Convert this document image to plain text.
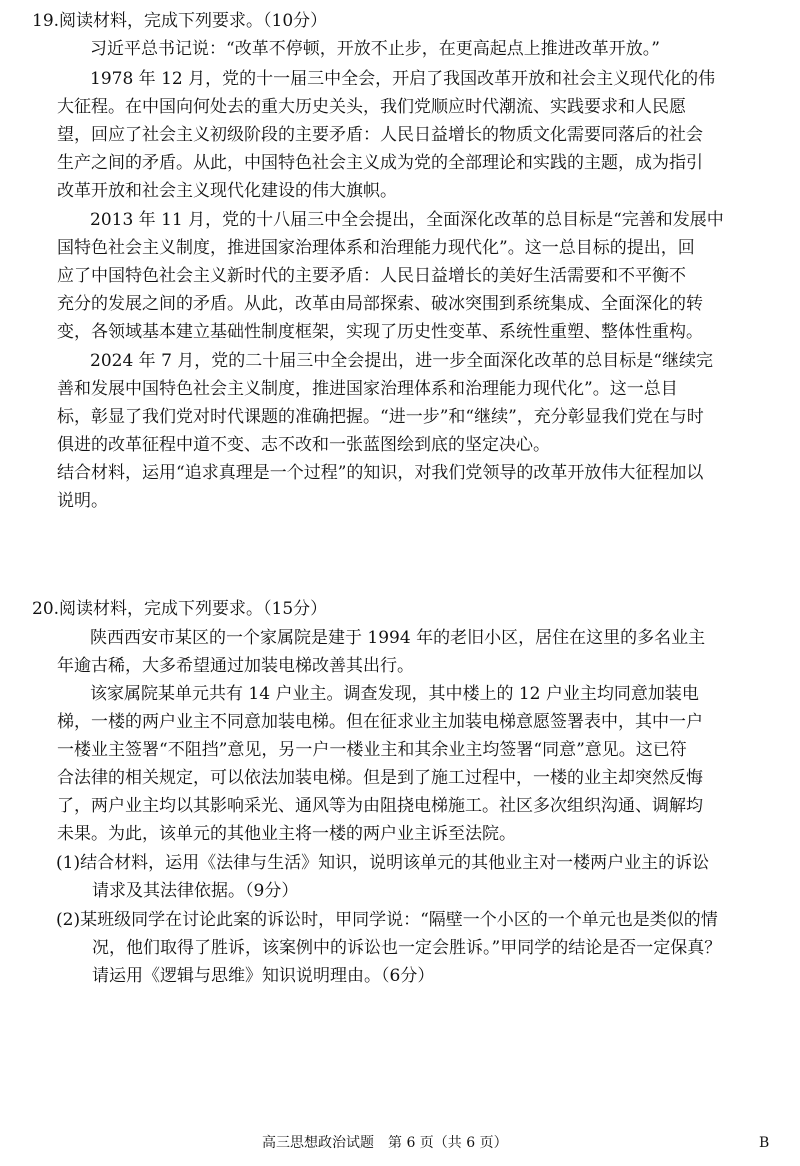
19.阅读材料，完成下列要求。（10分）
习近平总书记说：“改革不停顿，开放不止步，在更高起点上推进改革开放。”
1978 年 12 月，党的十一届三中全会，开启了我国改革开放和社会主义现代化的伟
大征程。在中国向何处去的重大历史关头，我们党顺应时代潮流、实践要求和人民愿
望，回应了社会主义初级阶段的主要矛盾：人民日益增长的物质文化需要同落后的社会
生产之间的矛盾。从此，中国特色社会主义成为党的全部理论和实践的主题，成为指引
改革开放和社会主义现代化建设的伟大旗帜。
2013 年 11 月，党的十八届三中全会提出，全面深化改革的总目标是“完善和发展中
国特色社会主义制度，推进国家治理体系和治理能力现代化”。这一总目标的提出，回
应了中国特色社会主义新时代的主要矛盾：人民日益增长的美好生活需要和不平衡不
充分的发展之间的矛盾。从此，改革由局部探索、破冰突围到系统集成、全面深化的转
变，各领域基本建立基础性制度框架，实现了历史性变革、系统性重塑、整体性重构。
2024 年 7 月，党的二十届三中全会提出，进一步全面深化改革的总目标是“继续完
善和发展中国特色社会主义制度，推进国家治理体系和治理能力现代化”。这一总目
标，彰显了我们党对时代课题的准确把握。“进一步”和“继续”，充分彰显我们党在与时
俱进的改革征程中道不变、志不改和一张蓝图绘到底的坚定决心。
结合材料，运用“追求真理是一个过程”的知识，对我们党领导的改革开放伟大征程加以
说明。
20.阅读材料，完成下列要求。（15分）
陕西西安市某区的一个家属院是建于 1994 年的老旧小区，居住在这里的多名业主
年逾古稀，大多希望通过加装电梯改善其出行。
该家属院某单元共有 14 户业主。调查发现，其中楼上的 12 户业主均同意加装电
梯，一楼的两户业主不同意加装电梯。但在征求业主加装电梯意愿签署表中，其中一户
一楼业主签署“不阻挡”意见，另一户一楼业主和其余业主均签署“同意”意见。这已符
合法律的相关规定，可以依法加装电梯。但是到了施工过程中，一楼的业主却突然反悔
了，两户业主均以其影响采光、通风等为由阻挠电梯施工。社区多次组织沟通、调解均
未果。为此，该单元的其他业主将一楼的两户业主诉至法院。
(1)结合材料，运用《法律与生活》知识，说明该单元的其他业主对一楼两户业主的诉讼
请求及其法律依据。（9分）
(2)某班级同学在讨论此案的诉讼时，甲同学说：“隔壁一个小区的一个单元也是类似的情
况，他们取得了胜诉，该案例中的诉讼也一定会胜诉。”甲同学的结论是否一定保真？
请运用《逻辑与思维》知识说明理由。（6分）
高三思想政治试题　第 6 页（共 6 页）	B
